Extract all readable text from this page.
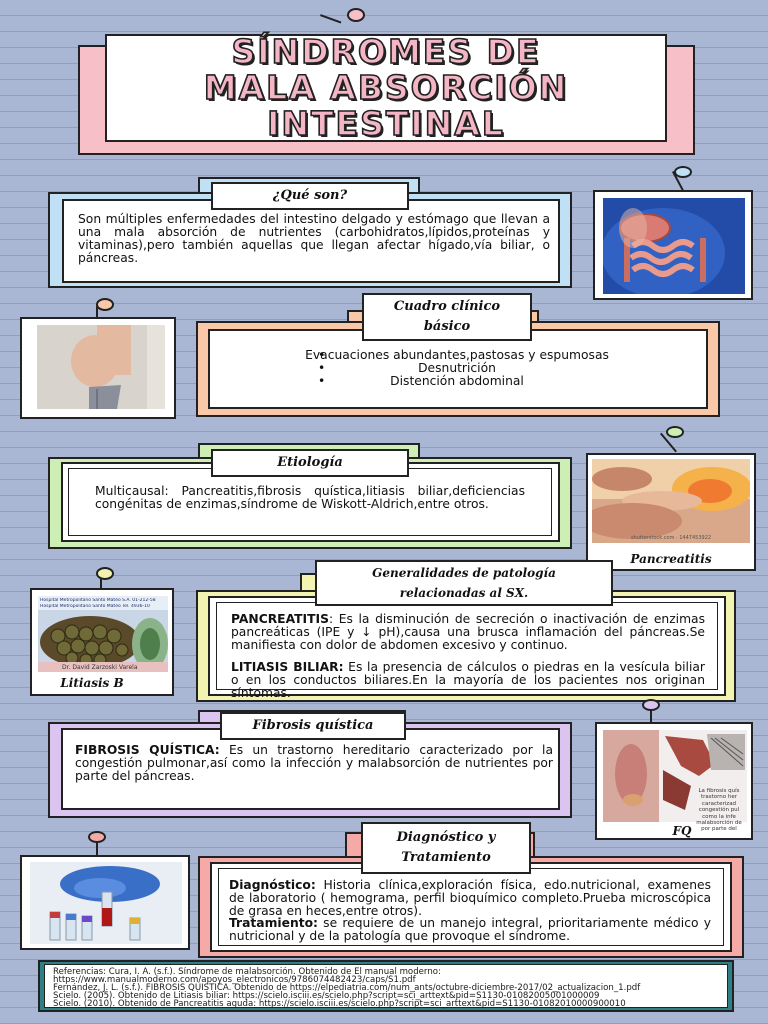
SÍNDROMES DE
MALA ABSORCIÓN
INTESTINAL
Son múltiples enfermedades del intestino delgado y estómago que llevan a una mala absorción de nutrientes (carbohidratos,lípidos,proteínas y vitaminas),pero también aquellas que llegan afectar hígado,vía biliar, o páncreas.
¿Qué son?
• Evacuaciones abundantes,pastosas y espumosas
• Desnutrición
• Distención abdominal
Cuadro clínico
básico
Multicausal: Pancreatitis,fibrosis quística,litiasis biliar,deficiencias congénitas de enzimas,síndrome de Wiskott-Aldrich,entre otros.
Etiología
shutterstock.com · 1447453922
Pancreatitis
Hospital Metropolitano Santo Mateo S.A. 01-212-58
Hospital Metropolitano Santo Mateo Tel. 4936-10
Dr. David Zarzoski Varela
Litiasis B
PANCREATITIS: Es la disminución de secreción o inactivación de enzimas pancreáticas (IPE y ↓ pH),causa una brusca inflamación del páncreas.Se manifiesta con dolor de abdomen excesivo y continuo.
LITIASIS BILIAR: Es la presencia de cálculos o piedras en la vesícula biliar o en los conductos biliares.En la mayoría de los pacientes nos originan síntomas.
Generalidades de patología
relacionadas al SX.
FIBROSIS QUÍSTICA: Es un trastorno hereditario caracterizado por la congestión pulmonar,así como la infección y malabsorción de nutrientes por parte del páncreas.
Fibrosis quística
La fibrosis quís trastorno her caracterizad congestión pul como la infe malabsorción de por parte del
FQ
Diagnóstico: Historia clínica,exploración física, edo.nutricional, examenes de laboratorio ( hemograma, perfil bioquímico completo.Prueba microscópica de grasa en heces,entre otros).
Tratamiento: se requiere de un manejo integral, prioritariamente médico y nutricional y de la patología que provoque el síndrome.
Diagnóstico y
Tratamiento
Referencias: Cura, I. A. (s.f.). Síndrome de malabsorción. Obtenido de El manual moderno:
https://www.manualmoderno.com/apoyos_electronicos/9786074482423/caps/S1.pdf
Fernández, J. L. (s.f.). FIBROSIS QUÍSTICA. Obtenido de https://elpediatria.com/num_ants/octubre-diciembre-2017/02_actualizacion_1.pdf
Scielo. (2005). Obtenido de Litiasis biliar: https://scielo.isciii.es/scielo.php?script=sci_arttext&pid=S1130-01082005001000009
Scielo. (2010). Obtenido de Pancreatitis aguda: https://scielo.isciii.es/scielo.php?script=sci_arttext&pid=S1130-01082010000900010
